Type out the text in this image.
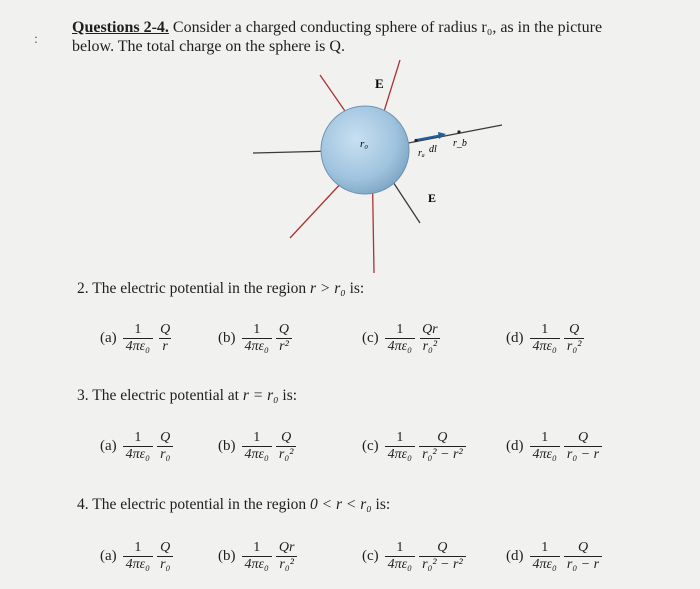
:
Questions 2-4. Consider a charged conducting sphere of radius r₀, as in the picture below. The total charge on the sphere is Q.
E
E
r₀
rₐ
r_b
dl
2. The electric potential in the region r > r₀ is:
$(a) \frac{1}{\text{4πε₀}} \frac{Q}{r}$	$(b) \frac{1}{\text{4πε₀}} \frac{Q}{\text{r²}}$	$(c) \frac{1}{\text{4πε₀}} \frac{Qr}{\text{r₀²}}$	$(d) \frac{1}{\text{4πε₀}} \frac{Q}{\text{r₀²}}$
3. The electric potential at r = r₀ is:
$(a) \frac{1}{\text{4πε₀}} \frac{Q}{\text{r₀}}$	$(b) \frac{1}{\text{4πε₀}} \frac{Q}{\text{r₀²}}$	$(c) \frac{1}{\text{4πε₀}} \frac{Q}{\text{r₀² − r²}}$	$(d) \frac{1}{\text{4πε₀}} \frac{Q}{\text{r₀ − r}}$
4. The electric potential in the region 0 < r < r₀ is:
$(a) \frac{1}{\text{4πε₀}} \frac{Q}{\text{r₀}}$	$(b) \frac{1}{\text{4πε₀}} \frac{Qr}{\text{r₀²}}$	$(c) \frac{1}{\text{4πε₀}} \frac{Q}{\text{r₀² − r²}}$	$(d) \frac{1}{\text{4πε₀}} \frac{Q}{\text{r₀ − r}}$
